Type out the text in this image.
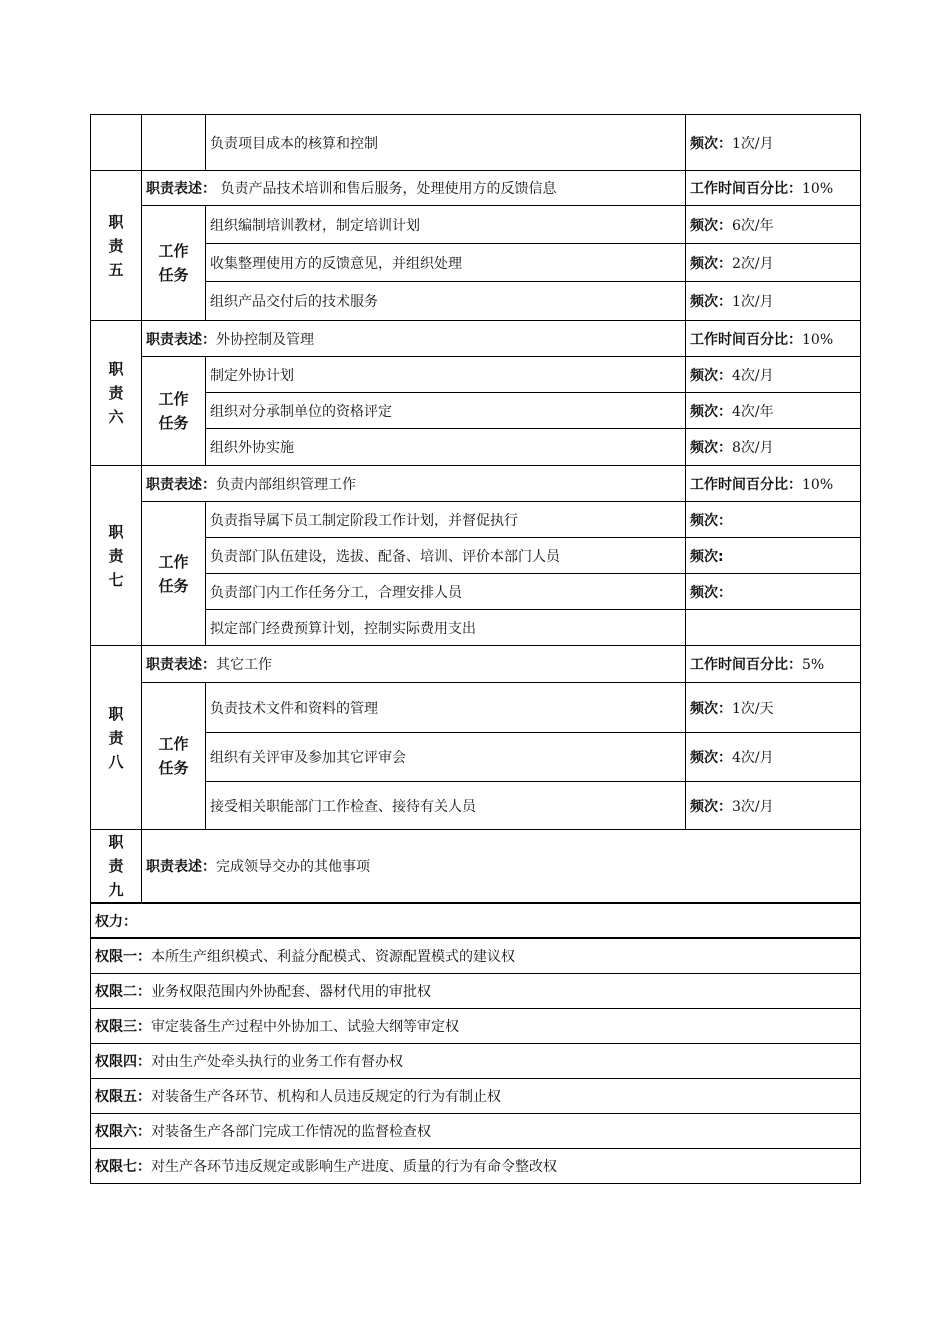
		负责项目成本的核算和控制	频次：1次/月

职
责
五	职责表述： 负责产品技术培训和售后服务，处理使用方的反馈信息		工作时间百分比：10%

	工作
任务	组织编制培训教材，制定培训计划	频次：6次/年
		收集整理使用方的反馈意见，并组织处理	频次：2次/月
		组织产品交付后的技术服务	频次：1次/月

职
责
六	职责表述：外协控制及管理		工作时间百分比：10%

	工作
任务	制定外协计划	频次：4次/月
		组织对分承制单位的资格评定	频次：4次/年
		组织外协实施	频次：8次/月

职
责
七	职责表述：负责内部组织管理工作		工作时间百分比：10%

	工作
任务	负责指导属下员工制定阶段工作计划，并督促执行	频次：
		负责部门队伍建设，选拔、配备、培训、评价本部门人员	频次:
		负责部门内工作任务分工，合理安排人员	频次：
		拟定部门经费预算计划，控制实际费用支出	

职
责
八	职责表述：其它工作		工作时间百分比：5%

	工作
任务	负责技术文件和资料的管理	频次：1次/天
		组织有关评审及参加其它评审会	频次：4次/月
		接受相关职能部门工作检查、接待有关人员	频次：3次/月

职
责
九	职责表述：完成领导交办的其他事项		
权力：
权限一：本所生产组织模式、利益分配模式、资源配置模式的建议权
权限二：业务权限范围内外协配套、器材代用的审批权
权限三：审定装备生产过程中外协加工、试验大纲等审定权
权限四：对由生产处牵头执行的业务工作有督办权
权限五：对装备生产各环节、机构和人员违反规定的行为有制止权
权限六：对装备生产各部门完成工作情况的监督检查权
权限七：对生产各环节违反规定或影响生产进度、质量的行为有命令整改权
